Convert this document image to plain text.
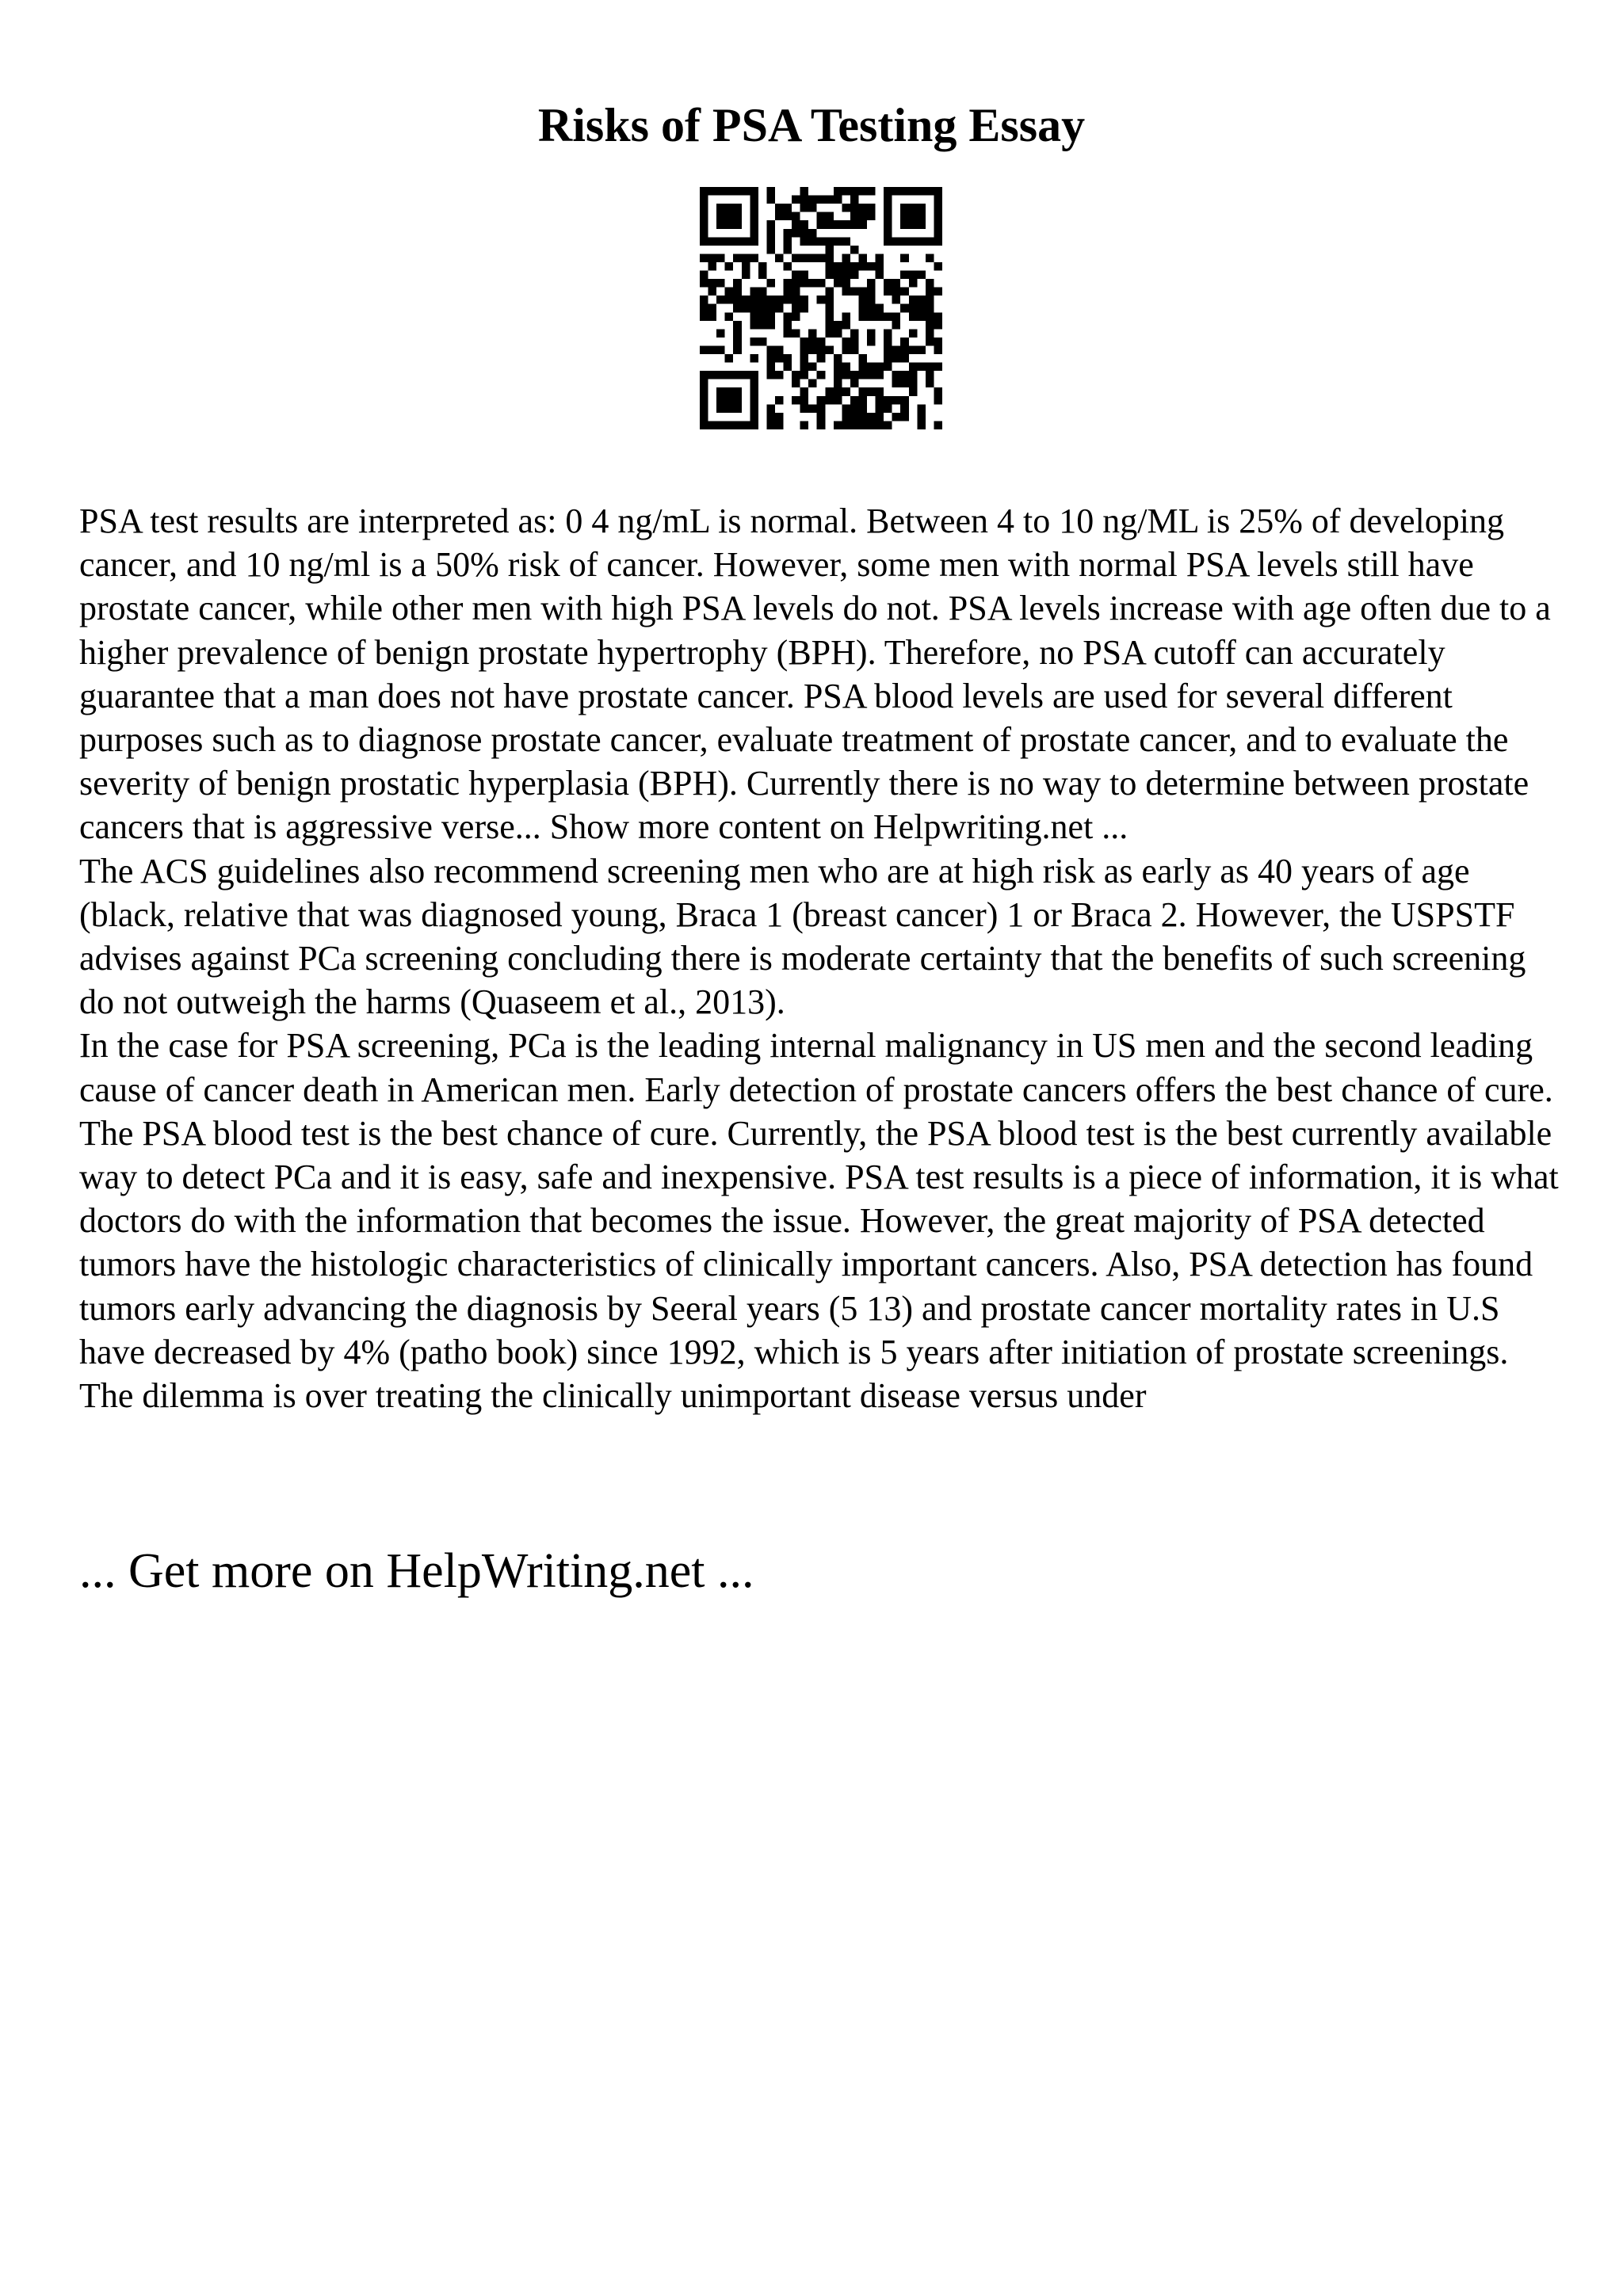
Risks of PSA Testing Essay

PSA test results are interpreted as: 0 4 ng/mL is normal. Between 4 to 10 ng/ML is 25% of developing cancer, and 10 ng/ml is a 50% risk of cancer. However, some men with normal PSA levels still have prostate cancer, while other men with high PSA levels do not. PSA levels increase with age often due to a higher prevalence of benign prostate hypertrophy (BPH). Therefore, no PSA cutoff can accurately guarantee that a man does not have prostate cancer. PSA blood levels are used for several different purposes such as to diagnose prostate cancer, evaluate treatment of prostate cancer, and to evaluate the severity of benign prostatic hyperplasia (BPH). Currently there is no way to determine between prostate cancers that is aggressive verse... Show more content on Helpwriting.net ...

The ACS guidelines also recommend screening men who are at high risk as early as 40 years of age (black, relative that was diagnosed young, Braca 1 (breast cancer) 1 or Braca 2. However, the USPSTF advises against PCa screening concluding there is moderate certainty that the benefits of such screening do not outweigh the harms (Quaseem et al., 2013).

In the case for PSA screening, PCa is the leading internal malignancy in US men and the second leading cause of cancer death in American men. Early detection of prostate cancers offers the best chance of cure. The PSA blood test is the best chance of cure. Currently, the PSA blood test is the best currently available way to detect PCa and it is easy, safe and inexpensive. PSA test results is a piece of information, it is what doctors do with the information that becomes the issue. However, the great majority of PSA detected tumors have the histologic characteristics of clinically important cancers. Also, PSA detection has found tumors early advancing the diagnosis by Seeral years (5 13) and prostate cancer mortality rates in U.S have decreased by 4% (patho book) since 1992, which is 5 years after initiation of prostate screenings. The dilemma is over treating the clinically unimportant disease versus under

... Get more on HelpWriting.net ...
